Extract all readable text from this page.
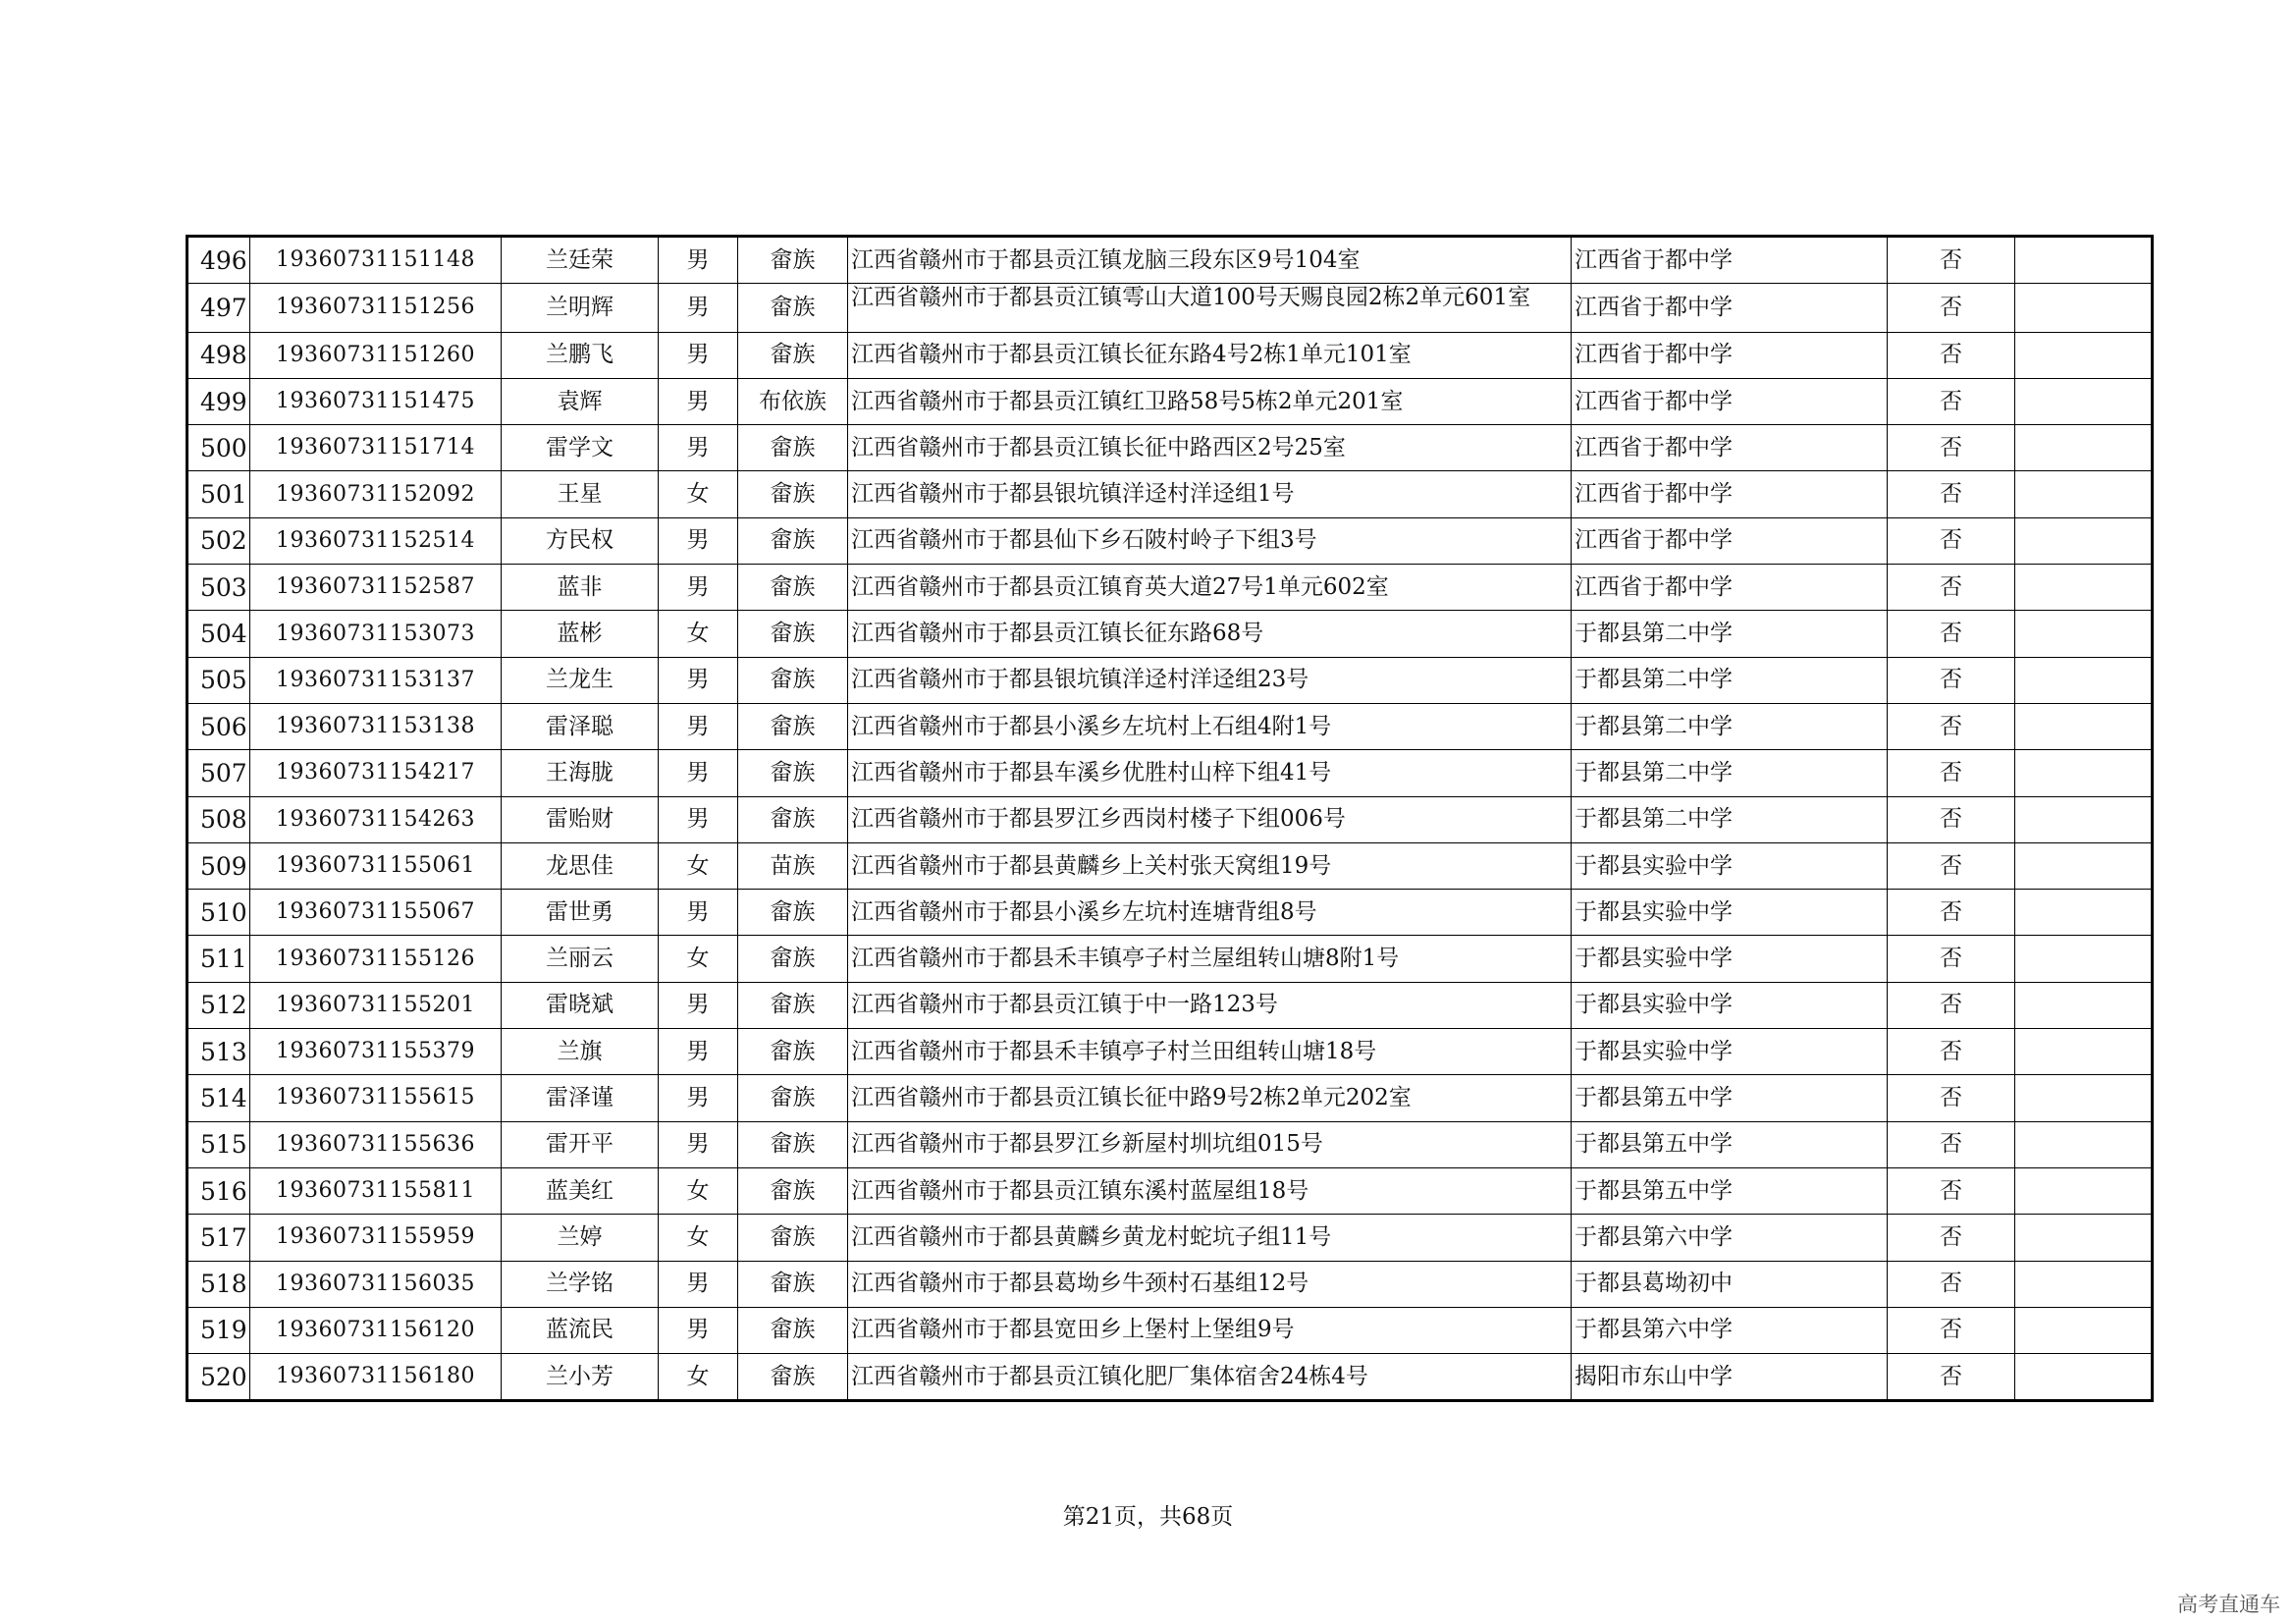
496	19360731151148	兰廷荣	男	畲族	江西省赣州市于都县贡江镇龙脑三段东区9号104室	江西省于都中学	否	
497	19360731151256	兰明辉	男	畲族	江西省赣州市于都县贡江镇雩山大道100号天赐良园2栋2单元601室	江西省于都中学	否	
498	19360731151260	兰鹏飞	男	畲族	江西省赣州市于都县贡江镇长征东路4号2栋1单元101室	江西省于都中学	否	
499	19360731151475	袁辉	男	布依族	江西省赣州市于都县贡江镇红卫路58号5栋2单元201室	江西省于都中学	否	
500	19360731151714	雷学文	男	畲族	江西省赣州市于都县贡江镇长征中路西区2号25室	江西省于都中学	否	
501	19360731152092	王星	女	畲族	江西省赣州市于都县银坑镇洋迳村洋迳组1号	江西省于都中学	否	
502	19360731152514	方民权	男	畲族	江西省赣州市于都县仙下乡石陂村岭子下组3号	江西省于都中学	否	
503	19360731152587	蓝非	男	畲族	江西省赣州市于都县贡江镇育英大道27号1单元602室	江西省于都中学	否	
504	19360731153073	蓝彬	女	畲族	江西省赣州市于都县贡江镇长征东路68号	于都县第二中学	否	
505	19360731153137	兰龙生	男	畲族	江西省赣州市于都县银坑镇洋迳村洋迳组23号	于都县第二中学	否	
506	19360731153138	雷泽聪	男	畲族	江西省赣州市于都县小溪乡左坑村上石组4附1号	于都县第二中学	否	
507	19360731154217	王海胧	男	畲族	江西省赣州市于都县车溪乡优胜村山梓下组41号	于都县第二中学	否	
508	19360731154263	雷贻财	男	畲族	江西省赣州市于都县罗江乡西岗村楼子下组006号	于都县第二中学	否	
509	19360731155061	龙思佳	女	苗族	江西省赣州市于都县黄麟乡上关村张天窝组19号	于都县实验中学	否	
510	19360731155067	雷世勇	男	畲族	江西省赣州市于都县小溪乡左坑村连塘背组8号	于都县实验中学	否	
511	19360731155126	兰丽云	女	畲族	江西省赣州市于都县禾丰镇亭子村兰屋组转山塘8附1号	于都县实验中学	否	
512	19360731155201	雷晓斌	男	畲族	江西省赣州市于都县贡江镇于中一路123号	于都县实验中学	否	
513	19360731155379	兰旗	男	畲族	江西省赣州市于都县禾丰镇亭子村兰田组转山塘18号	于都县实验中学	否	
514	19360731155615	雷泽谨	男	畲族	江西省赣州市于都县贡江镇长征中路9号2栋2单元202室	于都县第五中学	否	
515	19360731155636	雷开平	男	畲族	江西省赣州市于都县罗江乡新屋村圳坑组015号	于都县第五中学	否	
516	19360731155811	蓝美红	女	畲族	江西省赣州市于都县贡江镇东溪村蓝屋组18号	于都县第五中学	否	
517	19360731155959	兰婷	女	畲族	江西省赣州市于都县黄麟乡黄龙村蛇坑子组11号	于都县第六中学	否	
518	19360731156035	兰学铭	男	畲族	江西省赣州市于都县葛坳乡牛颈村石基组12号	于都县葛坳初中	否	
519	19360731156120	蓝流民	男	畲族	江西省赣州市于都县宽田乡上堡村上堡组9号	于都县第六中学	否	
520	19360731156180	兰小芳	女	畲族	江西省赣州市于都县贡江镇化肥厂集体宿舍24栋4号	揭阳市东山中学	否	
第21页，共68页
高考直通车
